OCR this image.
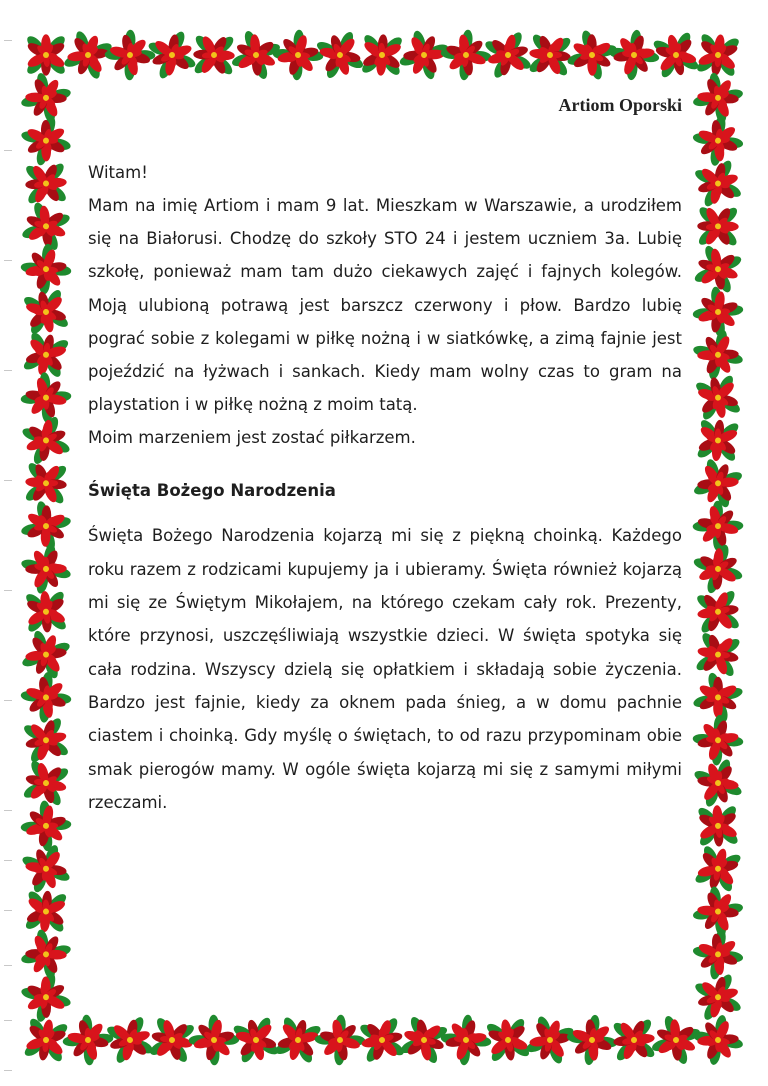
Artiom Oporski

Witam!

Mam na imię Artiom i mam 9 lat. Mieszkam w Warszawie, a urodziłem się na Białorusi. Chodzę do szkoły STO 24 i jestem uczniem 3a. Lubię szkołę, ponieważ mam tam dużo ciekawych zajęć i fajnych kolegów. Moją ulubioną potrawą jest barszcz czerwony i płow. Bardzo lubię pograć sobie z kolegami w piłkę nożną i w siatkówkę, a zimą fajnie jest pojeździć na łyżwach i sankach. Kiedy mam wolny czas to gram na playstation i w piłkę nożną z moim tatą.

Moim marzeniem jest zostać piłkarzem.

Święta Bożego Narodzenia

Święta Bożego Narodzenia kojarzą mi się z piękną choinką. Każdego roku razem z rodzicami kupujemy ja i ubieramy. Święta również kojarzą mi się ze Świętym Mikołajem, na którego czekam cały rok. Prezenty, które przynosi, uszczęśliwiają wszystkie dzieci. W święta spotyka się cała rodzina. Wszyscy dzielą się opłatkiem i składają sobie życzenia. Bardzo jest fajnie, kiedy za oknem pada śnieg, a w domu pachnie ciastem i choinką. Gdy myślę o świętach, to od razu przypominam obie smak pierogów mamy. W ogóle święta kojarzą mi się z samymi miłymi rzeczami.
